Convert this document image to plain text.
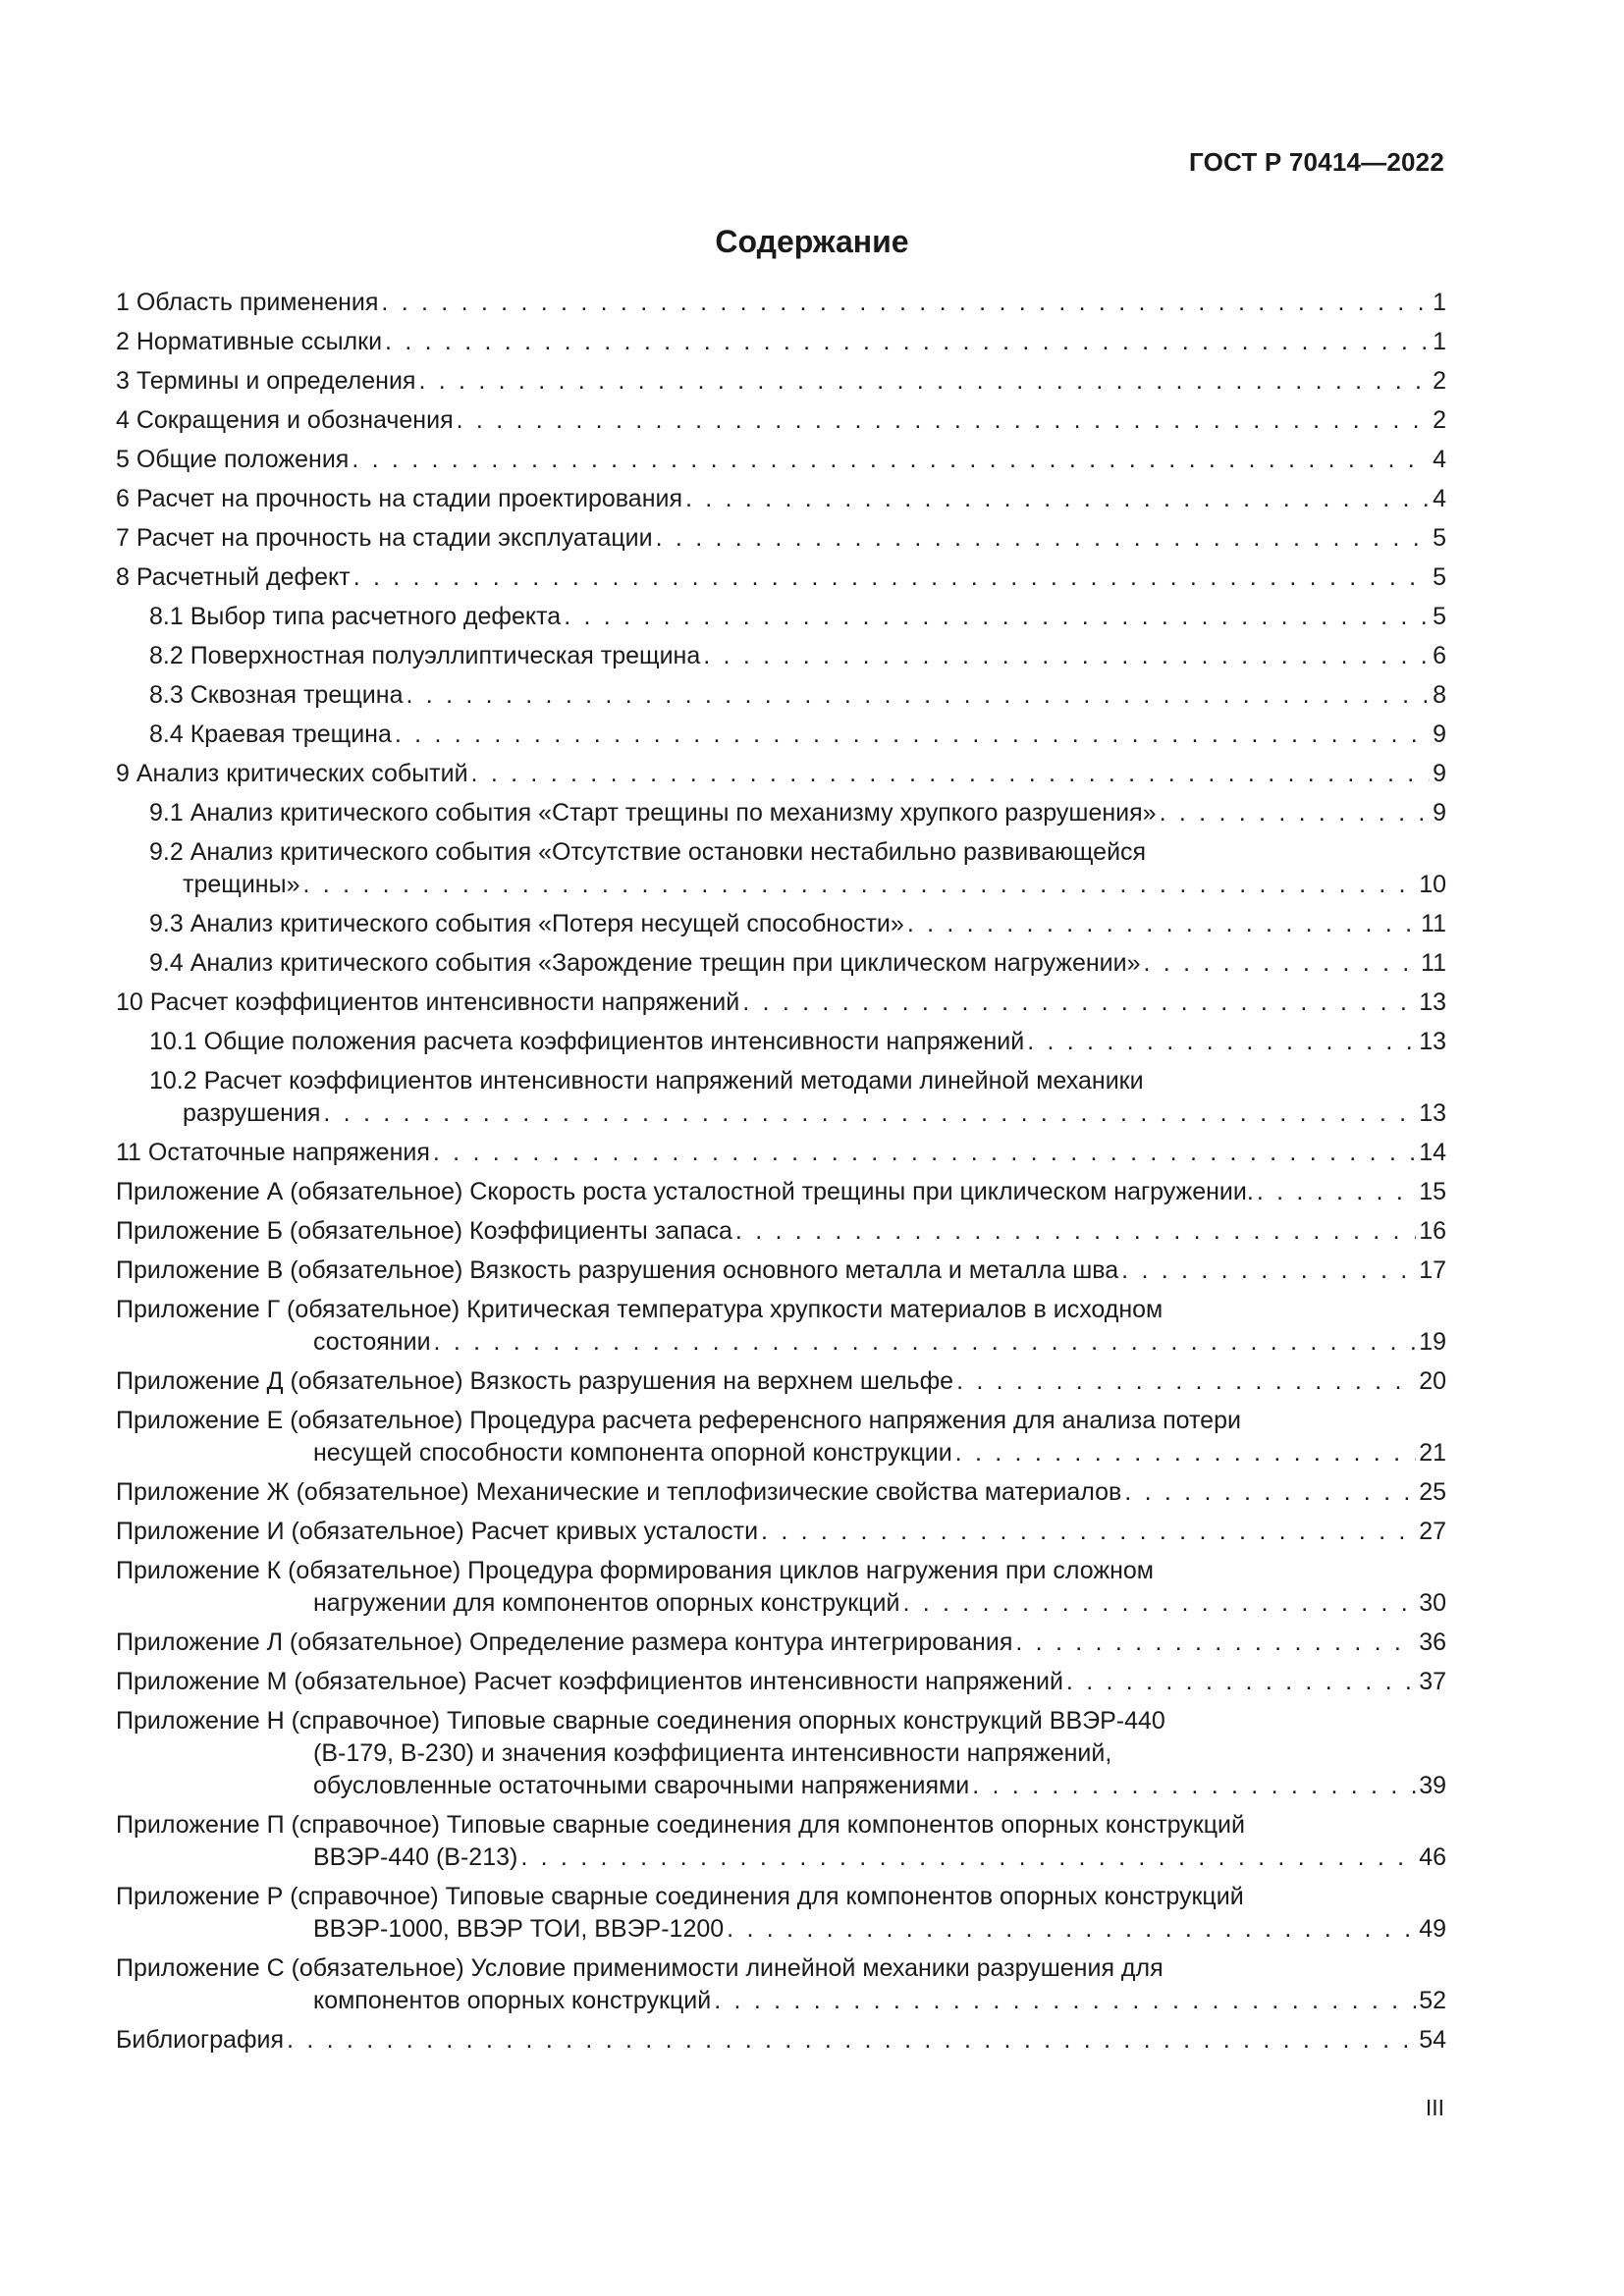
ГОСТ Р 70414—2022
Содержание
1 Область применения . . .	1
2 Нормативные ссылки . . .	1
3 Термины и определения . . .	2
4 Сокращения и обозначения . . .	2
5 Общие положения . . .	4
6 Расчет на прочность на стадии проектирования . . .	4
7 Расчет на прочность на стадии эксплуатации . . .	5
8 Расчетный дефект . . .	5
8.1 Выбор типа расчетного дефекта . . .	5
8.2 Поверхностная полуэллиптическая трещина . . .	6
8.3 Сквозная трещина . . .	8
8.4 Краевая трещина . . .	9
9 Анализ критических событий . . .	9
9.1 Анализ критического события «Старт трещины по механизму хрупкого разрушения» . . .	9
9.2 Анализ критического события «Отсутствие остановки нестабильно развивающейся
трещины» . . .	10
9.3 Анализ критического события «Потеря несущей способности» . . .	11
9.4 Анализ критического события «Зарождение трещин при циклическом нагружении» . . .	11
10 Расчет коэффициентов интенсивности напряжений . . .	13
10.1 Общие положения расчета коэффициентов интенсивности напряжений . . .	13
10.2 Расчет коэффициентов интенсивности напряжений методами линейной механики
разрушения . . .	13
11 Остаточные напряжения . . .	14
Приложение А (обязательное) Скорость роста усталостной трещины при циклическом нагружении. . . .	15
Приложение Б (обязательное) Коэффициенты запаса . . .	16
Приложение В (обязательное) Вязкость разрушения основного металла и металла шва . . .	17
Приложение Г (обязательное) Критическая температура хрупкости материалов в исходном
состоянии . . .	19
Приложение Д (обязательное) Вязкость разрушения на верхнем шельфе . . .	20
Приложение Е (обязательное) Процедура расчета референсного напряжения для анализа потери
несущей способности компонента опорной конструкции . . .	21
Приложение Ж (обязательное) Механические и теплофизические свойства материалов . . .	25
Приложение И (обязательное) Расчет кривых усталости . . .	27
Приложение К (обязательное) Процедура формирования циклов нагружения при сложном
нагружении для компонентов опорных конструкций . . .	30
Приложение Л (обязательное) Определение размера контура интегрирования . . .	36
Приложение М (обязательное) Расчет коэффициентов интенсивности напряжений . . .	37
Приложение Н (справочное) Типовые сварные соединения опорных конструкций ВВЭР-440
(В-179, В-230) и значения коэффициента интенсивности напряжений,
обусловленные остаточными сварочными напряжениями . . .	39
Приложение П (справочное) Типовые сварные соединения для компонентов опорных конструкций
ВВЭР-440 (В-213) . . .	46
Приложение Р (справочное) Типовые сварные соединения для компонентов опорных конструкций
ВВЭР-1000, ВВЭР ТОИ, ВВЭР-1200 . . .	49
Приложение С (обязательное) Условие применимости линейной механики разрушения для
компонентов опорных конструкций . . .	52
Библиография . . .	54
III
